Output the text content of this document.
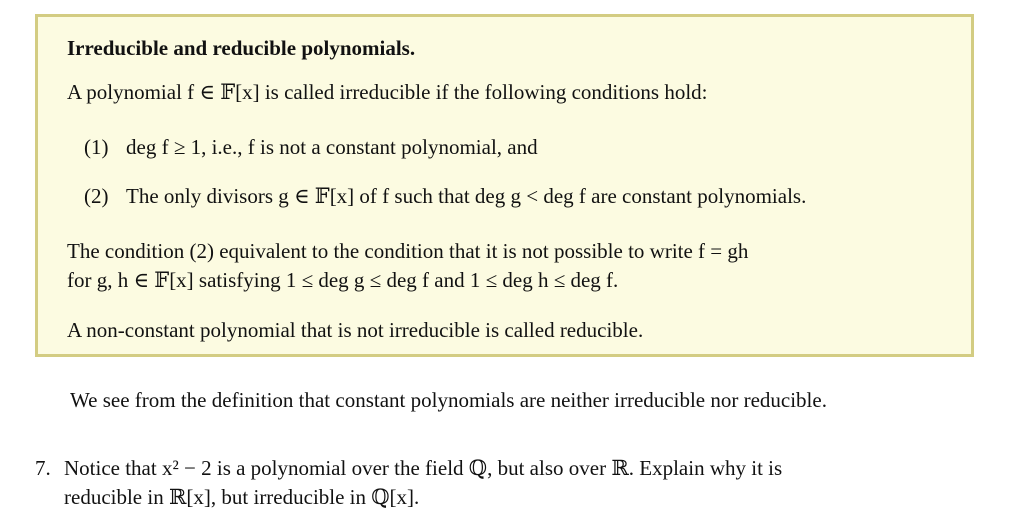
Irreducible and reducible polynomials.
A polynomial f ∈ 𝔽[x] is called irreducible if the following conditions hold:
(1) deg f ≥ 1, i.e., f is not a constant polynomial, and
(2) The only divisors g ∈ 𝔽[x] of f such that deg g < deg f are constant polynomials.
The condition (2) equivalent to the condition that it is not possible to write f = gh
for g, h ∈ 𝔽[x] satisfying 1 ≤ deg g ≤ deg f and 1 ≤ deg h ≤ deg f.
A non-constant polynomial that is not irreducible is called reducible.
We see from the definition that constant polynomials are neither irreducible nor reducible.
7. Notice that x² − 2 is a polynomial over the field ℚ, but also over ℝ. Explain why it is
reducible in ℝ[x], but irreducible in ℚ[x].
